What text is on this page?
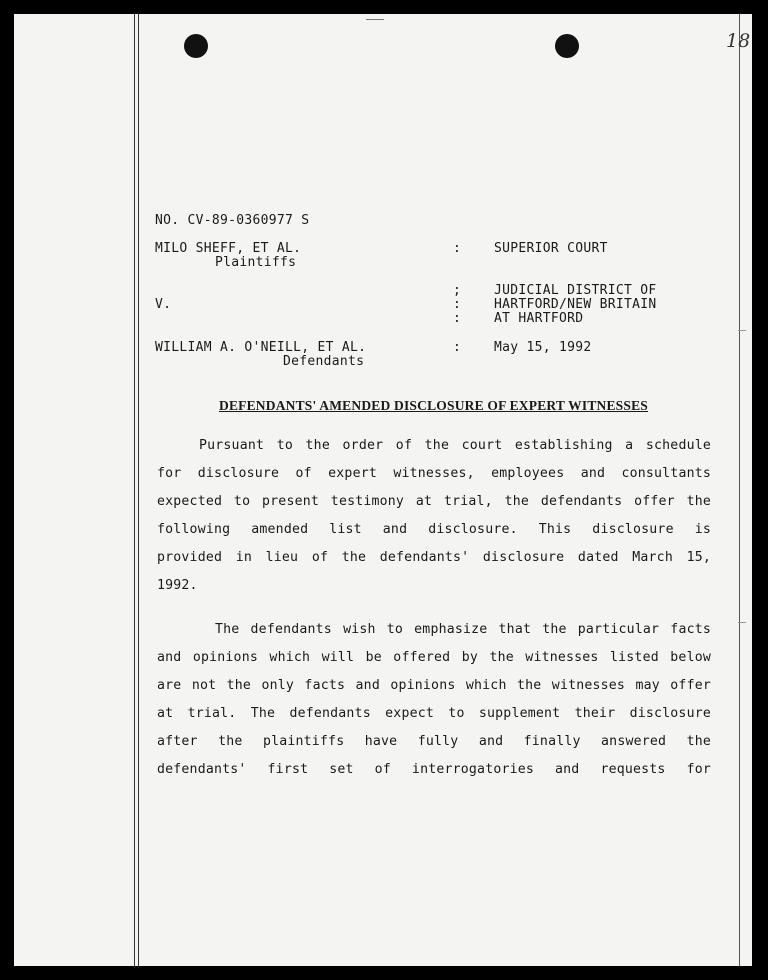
18
NO. CV-89-0360977 S
MILO SHEFF, ET AL.
Plaintiffs
:	SUPERIOR COURT
;
:
:
JUDICIAL DISTRICT OF
HARTFORD/NEW BRITAIN
AT HARTFORD
V.
WILLIAM A. O'NEILL, ET AL.
Defendants
:	May 15, 1992
DEFENDANTS' AMENDED DISCLOSURE OF EXPERT WITNESSES
Pursuant to the order of the court establishing a schedule
for disclosure of expert witnesses, employees and consultants
expected to present testimony at trial, the defendants offer the
following amended list and disclosure. This disclosure is
provided in lieu of the defendants' disclosure dated March 15,
1992.
The defendants wish to emphasize that the particular facts
and opinions which will be offered by the witnesses listed below
are not the only facts and opinions which the witnesses may offer
at trial. The defendants expect to supplement their disclosure
after the plaintiffs have fully and finally answered the
defendants' first set of interrogatories and requests for
